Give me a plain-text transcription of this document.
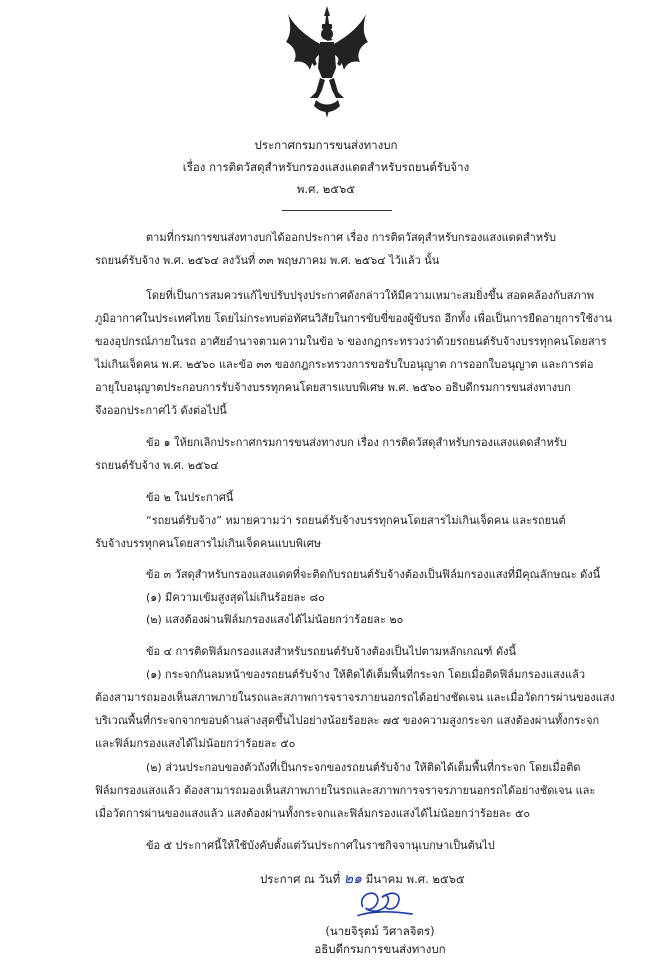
ประกาศกรมการขนส่งทางบก
เรื่อง การติดวัสดุสำหรับกรองแสงแดดสำหรับรถยนต์รับจ้าง
พ.ศ. ๒๕๖๕
ตามที่กรมการขนส่งทางบกได้ออกประกาศ เรื่อง การติดวัสดุสำหรับกรองแสงแดดสำหรับ
รถยนต์รับจ้าง พ.ศ. ๒๕๖๔ ลงวันที่ ๓๓ พฤษภาคม พ.ศ. ๒๕๖๔ ไว้แล้ว นั้น
โดยที่เป็นการสมควรแก้ไขปรับปรุงประกาศดังกล่าวให้มีความเหมาะสมยิ่งขึ้น สอดคล้องกับสภาพ
ภูมิอากาศในประเทศไทย โดยไม่กระทบต่อทัศนวิสัยในการขับขี่ของผู้ขับรถ อีกทั้ง เพื่อเป็นการยืดอายุการใช้งาน
ของอุปกรณ์ภายในรถ อาศัยอำนาจตามความในข้อ ๖ ของกฎกระทรวงว่าด้วยรถยนต์รับจ้างบรรทุกคนโดยสาร
ไม่เกินเจ็ดคน พ.ศ. ๒๕๖๐ และข้อ ๓๓ ของกฎกระทรวงการขอรับใบอนุญาต การออกใบอนุญาต และการต่อ
อายุใบอนุญาตประกอบการรับจ้างบรรทุกคนโดยสารแบบพิเศษ พ.ศ. ๒๕๖๐ อธิบดีกรมการขนส่งทางบก
จึงออกประกาศไว้ ดังต่อไปนี้
ข้อ ๑ ให้ยกเลิกประกาศกรมการขนส่งทางบก เรื่อง การติดวัสดุสำหรับกรองแสงแดดสำหรับ
รถยนต์รับจ้าง พ.ศ. ๒๕๖๔
ข้อ ๒ ในประกาศนี้
“รถยนต์รับจ้าง” หมายความว่า รถยนต์รับจ้างบรรทุกคนโดยสารไม่เกินเจ็ดคน และรถยนต์
รับจ้างบรรทุกคนโดยสารไม่เกินเจ็ดคนแบบพิเศษ
ข้อ ๓ วัสดุสำหรับกรองแสงแดดที่จะติดกับรถยนต์รับจ้างต้องเป็นฟิล์มกรองแสงที่มีคุณลักษณะ ดังนี้
(๑) มีความเข้มสูงสุดไม่เกินร้อยละ ๘๐
(๒) แสงต้องผ่านฟิล์มกรองแสงได้ไม่น้อยกว่าร้อยละ ๒๐
ข้อ ๔ การติดฟิล์มกรองแสงสำหรับรถยนต์รับจ้างต้องเป็นไปตามหลักเกณฑ์ ดังนี้
(๑) กระจกกันลมหน้าของรถยนต์รับจ้าง ให้ติดได้เต็มพื้นที่กระจก โดยเมื่อติดฟิล์มกรองแสงแล้ว
ต้องสามารถมองเห็นสภาพภายในรถและสภาพการจราจรภายนอกรถได้อย่างชัดเจน และเมื่อวัดการผ่านของแสง
บริเวณพื้นที่กระจกจากขอบด้านล่างสุดขึ้นไปอย่างน้อยร้อยละ ๗๕ ของความสูงกระจก แสงต้องผ่านทั้งกระจก
และฟิล์มกรองแสงได้ไม่น้อยกว่าร้อยละ ๕๐
(๒) ส่วนประกอบของตัวถังที่เป็นกระจกของรถยนต์รับจ้าง ให้ติดได้เต็มพื้นที่กระจก โดยเมื่อติด
ฟิล์มกรองแสงแล้ว ต้องสามารถมองเห็นสภาพภายในรถและสภาพการจราจรภายนอกรถได้อย่างชัดเจน และ
เมื่อวัดการผ่านของแสงแล้ว แสงต้องผ่านทั้งกระจกและฟิล์มกรองแสงได้ไม่น้อยกว่าร้อยละ ๕๐
ข้อ ๕ ประกาศนี้ให้ใช้บังคับตั้งแต่วันประกาศในราชกิจจานุเบกษาเป็นต้นไป
ประกาศ ณ วันที่ ๒๑ มีนาคม พ.ศ. ๒๕๖๕
(นายจิรุตม์ วิศาลจิตร)
อธิบดีกรมการขนส่งทางบก
